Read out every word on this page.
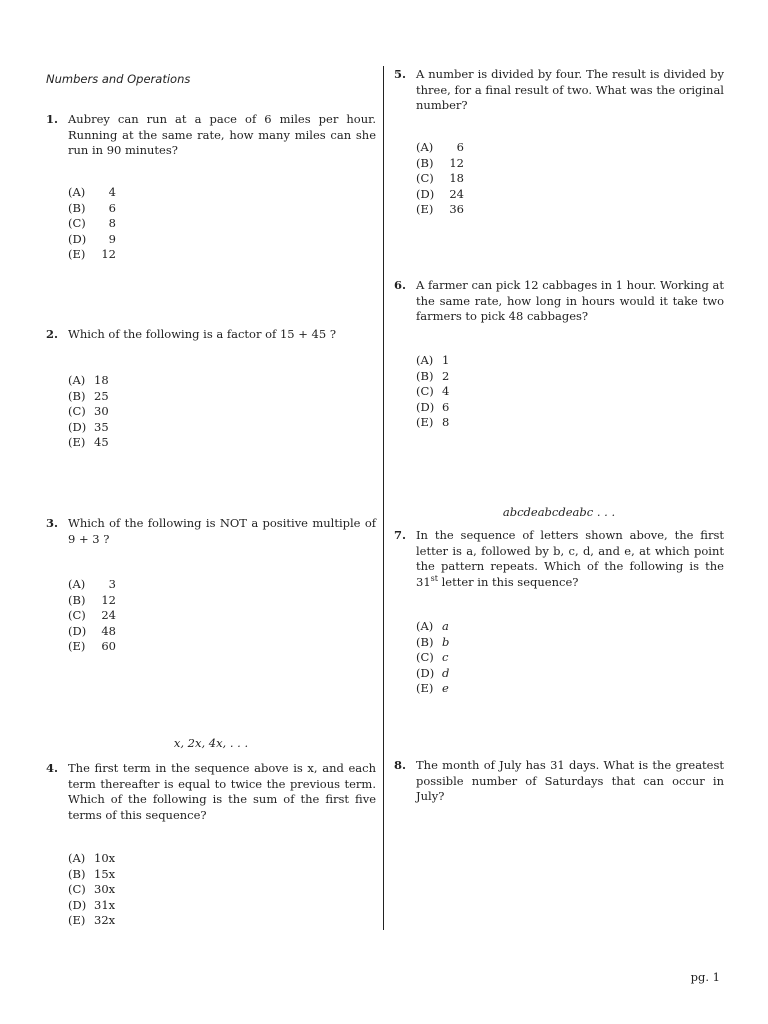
Numbers and Operations
1. Aubrey can run at a pace of 6 miles per hour. Running at the same rate, how many miles can she run in 90 minutes?
(A) 4
(B) 6
(C) 8
(D) 9
(E) 12
2. Which of the following is a factor of 15 + 45 ?
(A) 18
(B) 25
(C) 30
(D) 35
(E) 45
3. Which of the following is NOT a positive multiple of 9 + 3 ?
(A) 3
(B) 12
(C) 24
(D) 48
(E) 60
x, 2x, 4x, . . .
4. The first term in the sequence above is x, and each term thereafter is equal to twice the previous term. Which of the following is the sum of the first five terms of this sequence?
(A) 10x
(B) 15x
(C) 30x
(D) 31x
(E) 32x
5. A number is divided by four. The result is divided by three, for a final result of two. What was the original number?
(A) 6
(B) 12
(C) 18
(D) 24
(E) 36
6. A farmer can pick 12 cabbages in 1 hour. Working at the same rate, how long in hours would it take two farmers to pick 48 cabbages?
(A) 1
(B) 2
(C) 4
(D) 6
(E) 8
abcdeabcdeabc . . .
7. In the sequence of letters shown above, the first letter is a, followed by b, c, d, and e, at which point the pattern repeats. Which of the following is the 31st letter in this sequence?
(A) a
(B) b
(C) c
(D) d
(E) e
8. The month of July has 31 days. What is the greatest possible number of Saturdays that can occur in July?
pg. 1
